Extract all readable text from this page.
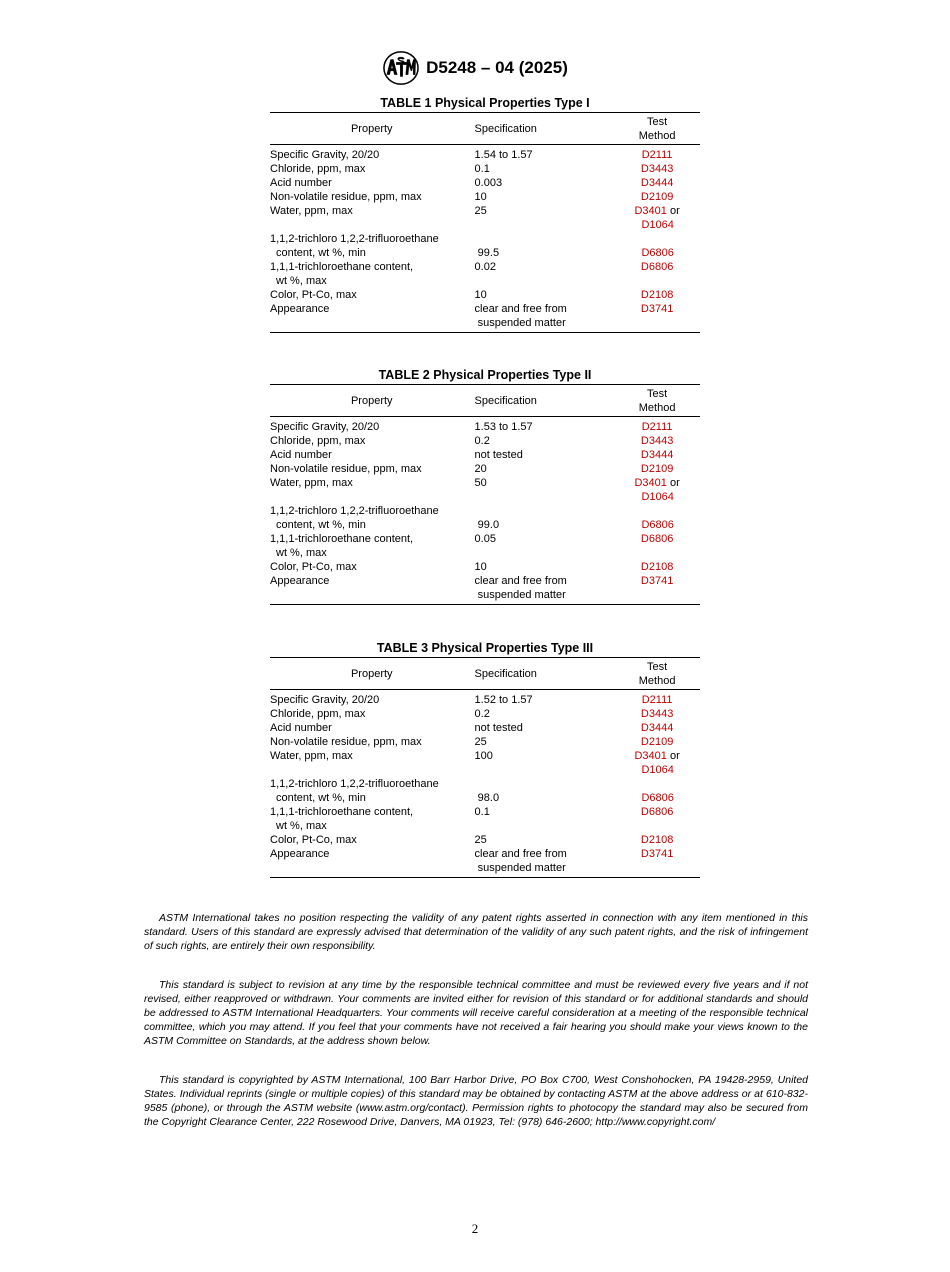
D5248 – 04 (2025)
TABLE 1 Physical Properties Type I
Property	Specification
Test
Method
Specific Gravity, 20/20	1.54 to 1.57	D2111
Chloride, ppm, max	0.1	D3443
Acid number	0.003	D3444
Non-volatile residue, ppm, max	10	D2109
Water, ppm, max	25	D3401 or
D1064
1,1,2-trichloro 1,2,2-trifluoroethane
content, wt %, min	99.5	D6806
1,1,1-trichloroethane content,	0.02	D6806
wt %, max
Color, Pt-Co, max	10	D2108
Appearance	clear and free from	D3741
suspended matter
TABLE 2 Physical Properties Type II
Property	Specification
Test
Method
Specific Gravity, 20/20	1.53 to 1.57	D2111
Chloride, ppm, max	0.2	D3443
Acid number	not tested	D3444
Non-volatile residue, ppm, max	20	D2109
Water, ppm, max	50	D3401 or
D1064
1,1,2-trichloro 1,2,2-trifluoroethane
content, wt %, min	99.0	D6806
1,1,1-trichloroethane content,	0.05	D6806
wt %, max
Color, Pt-Co, max	10	D2108
Appearance	clear and free from	D3741
suspended matter
TABLE 3 Physical Properties Type III
Property	Specification
Test
Method
Specific Gravity, 20/20	1.52 to 1.57	D2111
Chloride, ppm, max	0.2	D3443
Acid number	not tested	D3444
Non-volatile residue, ppm, max	25	D2109
Water, ppm, max	100	D3401 or
D1064
1,1,2-trichloro 1,2,2-trifluoroethane
content, wt %, min	98.0	D6806
1,1,1-trichloroethane content,	0.1	D6806
wt %, max
Color, Pt-Co, max	25	D2108
Appearance	clear and free from	D3741
suspended matter

ASTM International takes no position respecting the validity of any patent rights asserted in connection with any item mentioned in this standard. Users of this standard are expressly advised that determination of the validity of any such patent rights, and the risk of infringement of such rights, are entirely their own responsibility.

This standard is subject to revision at any time by the responsible technical committee and must be reviewed every five years and if not revised, either reapproved or withdrawn. Your comments are invited either for revision of this standard or for additional standards and should be addressed to ASTM International Headquarters. Your comments will receive careful consideration at a meeting of the responsible technical committee, which you may attend. If you feel that your comments have not received a fair hearing you should make your views known to the ASTM Committee on Standards, at the address shown below.

This standard is copyrighted by ASTM International, 100 Barr Harbor Drive, PO Box C700, West Conshohocken, PA 19428-2959, United States. Individual reprints (single or multiple copies) of this standard may be obtained by contacting ASTM at the above address or at 610-832-9585 (phone), or through the ASTM website (www.astm.org/contact). Permission rights to photocopy the standard may also be secured from the Copyright Clearance Center, 222 Rosewood Drive, Danvers, MA 01923, Tel: (978) 646-2600; http://www.copyright.com/

2
